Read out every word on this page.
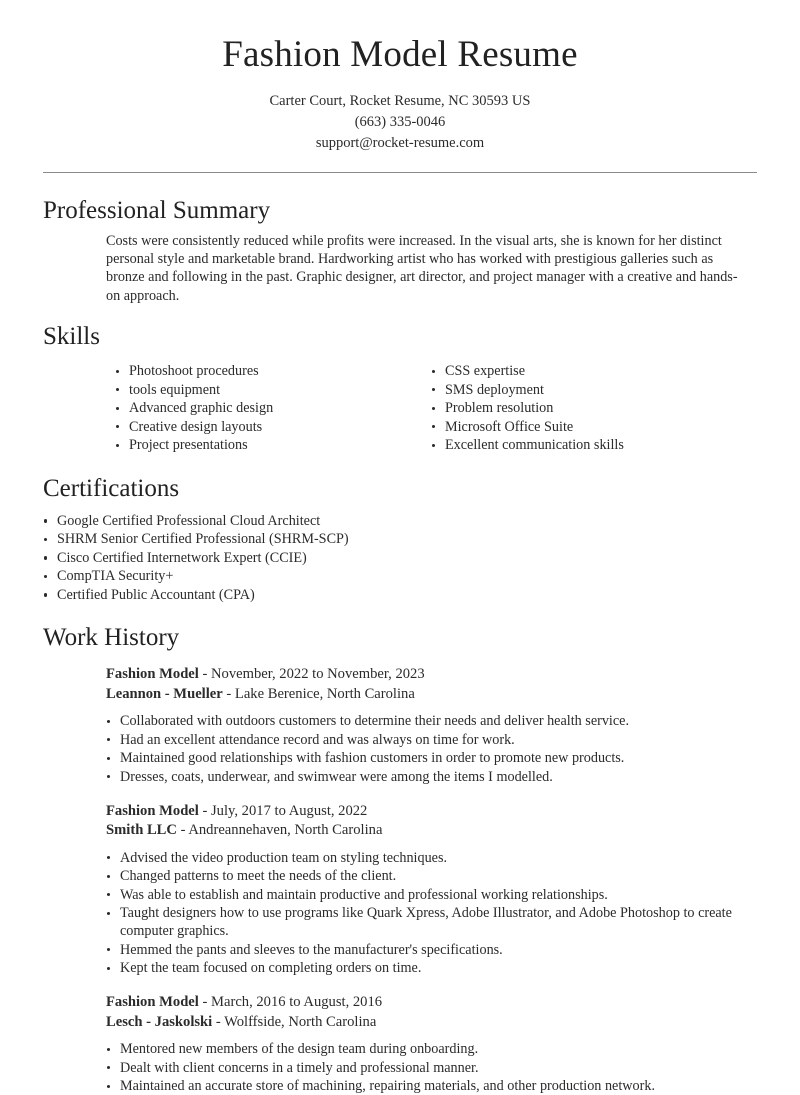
Fashion Model Resume
Carter Court, Rocket Resume, NC 30593 US
(663) 335-0046
support@rocket-resume.com
Professional Summary

Costs were consistently reduced while profits were increased. In the visual arts, she is known for her distinct personal style and marketable brand. Hardworking artist who has worked with prestigious galleries such as bronze and following in the past. Graphic designer, art director, and project manager with a creative and hands-on approach.

Skills
Photoshoot procedures
tools equipment
Advanced graphic design
Creative design layouts
Project presentations
CSS expertise
SMS deployment
Problem resolution
Microsoft Office Suite
Excellent communication skills
Certifications
Google Certified Professional Cloud Architect
SHRM Senior Certified Professional (SHRM-SCP)
Cisco Certified Internetwork Expert (CCIE)
CompTIA Security+
Certified Public Accountant (CPA)
Work History
Fashion Model - November, 2022 to November, 2023
Leannon - Mueller - Lake Berenice, North Carolina
Collaborated with outdoors customers to determine their needs and deliver health service.
Had an excellent attendance record and was always on time for work.
Maintained good relationships with fashion customers in order to promote new products.
Dresses, coats, underwear, and swimwear were among the items I modelled.
Fashion Model - July, 2017 to August, 2022
Smith LLC - Andreannehaven, North Carolina
Advised the video production team on styling techniques.
Changed patterns to meet the needs of the client.
Was able to establish and maintain productive and professional working relationships.
Taught designers how to use programs like Quark Xpress, Adobe Illustrator, and Adobe Photoshop to create computer graphics.
Hemmed the pants and sleeves to the manufacturer's specifications.
Kept the team focused on completing orders on time.
Fashion Model - March, 2016 to August, 2016
Lesch - Jaskolski - Wolffside, North Carolina
Mentored new members of the design team during onboarding.
Dealt with client concerns in a timely and professional manner.
Maintained an accurate store of machining, repairing materials, and other production network.
